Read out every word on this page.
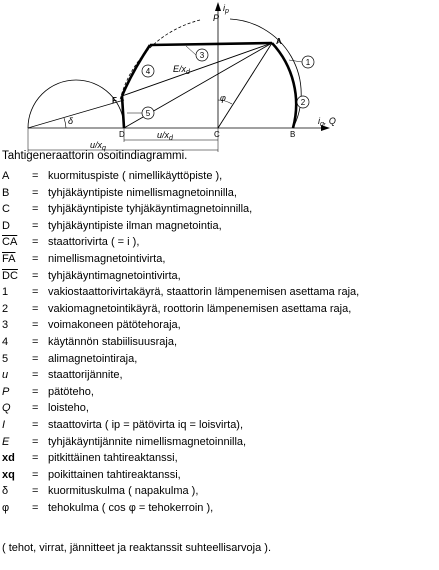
1
2
3
4
5
P
$i_p$
A
F
D	C	B
$i_q$, Q
$E/x_d$
φ
δ
$u/x_d$
$u/x_q$
Tahtigeneraattorin osoitindiagrammi.
A	= kuormituspiste ( nimellikäyttöpiste ),
B	= tyhjäkäyntipiste nimellismagnetoinnilla,
C	= tyhjäkäyntipiste tyhjäkäyntimagnetoinnilla,
D	= tyhjäkäyntipiste ilman magnetointia,
$\overline{CA}$	= staattorivirta ( = i ),
$\overline{FA}$	= nimellismagnetointivirta,
$\overline{DC}$	= tyhjäkäyntimagnetointivirta,
1	= vakiostaattorivirtakäyrä, staattorin lämpenemisen asettama raja,
2	= vakiomagnetointikäyrä, roottorin lämpenemisen asettama raja,
3	= voimakoneen pätötehoraja,
4	= käytännön stabiilisuusraja,
5	= alimagnetointiraja,
u	= staattorijännite,
P	= pätöteho,
Q	= loisteho,
I	= staattovirta ( ip = pätövirta iq = loisvirta),
E	= tyhjäkäyntijännite nimellismagnetoinnilla,
xd	= pitkittäinen tahtireaktanssi,
xq	= poikittainen tahtireaktanssi,
δ	= kuormituskulma ( napakulma ),
φ	= tehokulma ( cos φ = tehokerroin ),
( tehot, virrat, jännitteet ja reaktanssit suhteellisarvoja ).
